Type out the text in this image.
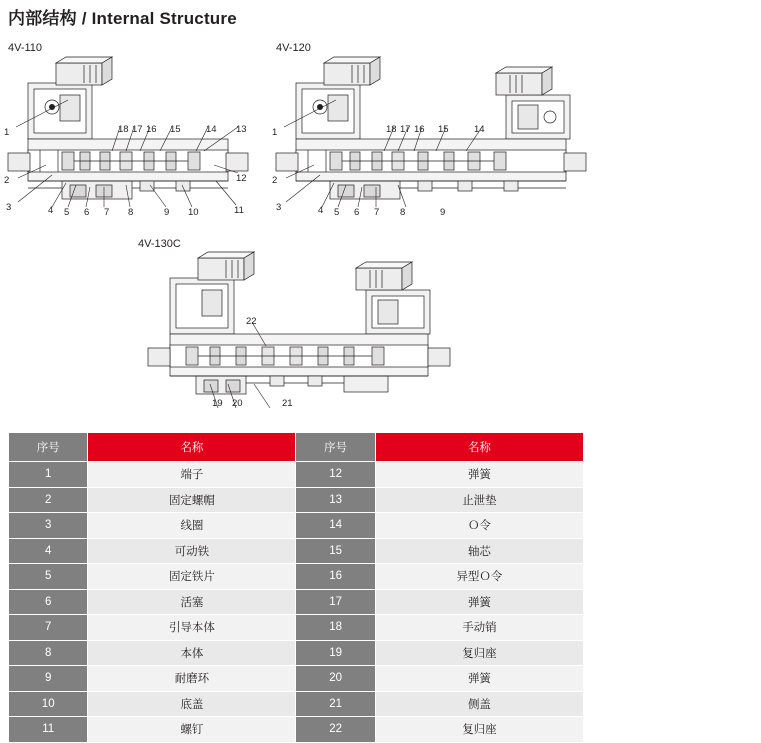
内部结构 / Internal Structure
4V-110
1
2
3	4 5 6 7 8	9 10	11
12
13
14
15
16
17
18
4V-120
1
2
3	4 5 6 7 8	9
15	14
16
17
18
4V-130C
22
19 20	21
序号	名称	序号	名称
1	端子	12	弹簧
2	固定螺帽	13	止泄垫
3	线圈	14	Ｏ令
4	可动铁	15	轴芯
5	固定铁片	16	异型Ｏ令
6	活塞	17	弹簧
7	引导本体	18	手动销
8	本体	19	复归座
9	耐磨环	20	弹簧
10	底盖	21	侧盖
11	螺钉	22	复归座
